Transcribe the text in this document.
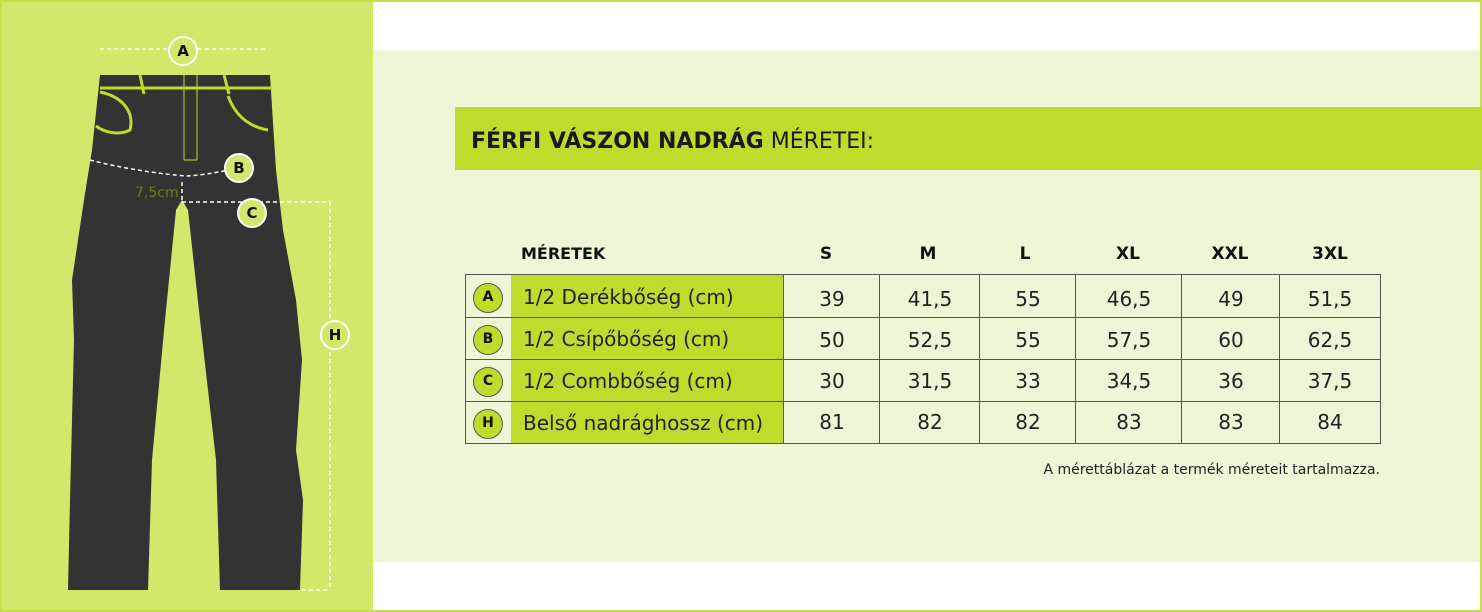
A
B
C
H
7,5cm
FÉRFI VÁSZON NADRÁG MÉRETEI:
MÉRETEK	S	M	L	XL	XXL	3XL
A	1/2 Derékbőség (cm)	39	41,5	55	46,5	49	51,5
B	1/2 Csípőbőség (cm)	50	52,5	55	57,5	60	62,5
C	1/2 Combbőség (cm)	30	31,5	33	34,5	36	37,5
H	Belső nadrághossz (cm)	81	82	82	83	83	84
A mérettáblázat a termék méreteit tartalmazza.
